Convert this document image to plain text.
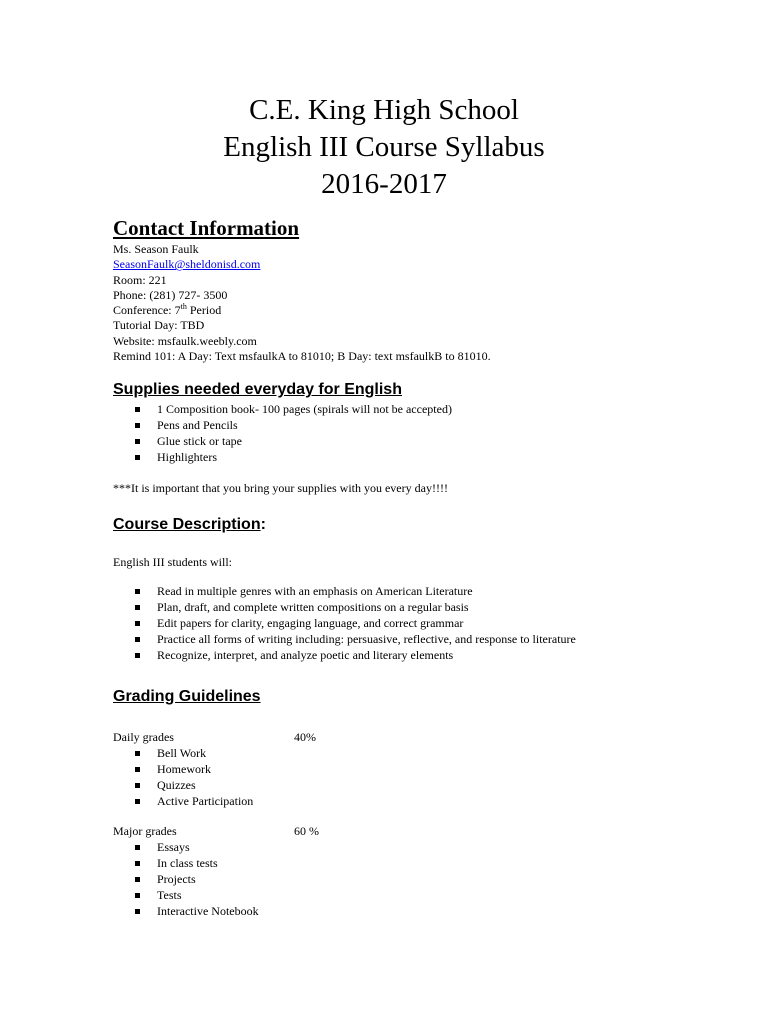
C.E. King High School
English III Course Syllabus
2016-2017
Contact Information
Ms. Season Faulk
SeasonFaulk@sheldonisd.com
Room: 221
Phone: (281) 727- 3500
Conference: 7th Period
Tutorial Day: TBD
Website: msfaulk.weebly.com
Remind 101: A Day: Text msfaulkA to 81010; B Day: text msfaulkB to 81010.
Supplies needed everyday for English
1 Composition book- 100 pages (spirals will not be accepted)
Pens and Pencils
Glue stick or tape
Highlighters
***It is important that you bring your supplies with you every day!!!!
Course Description:
English III students will:
Read in multiple genres with an emphasis on American Literature
Plan, draft, and complete written compositions on a regular basis
Edit papers for clarity, engaging language, and correct grammar
Practice all forms of writing including: persuasive, reflective, and response to literature
Recognize, interpret, and analyze poetic and literary elements
Grading Guidelines
Daily grades	40%
Bell Work
Homework
Quizzes
Active Participation
Major grades	60 %
Essays
In class tests
Projects
Tests
Interactive Notebook
